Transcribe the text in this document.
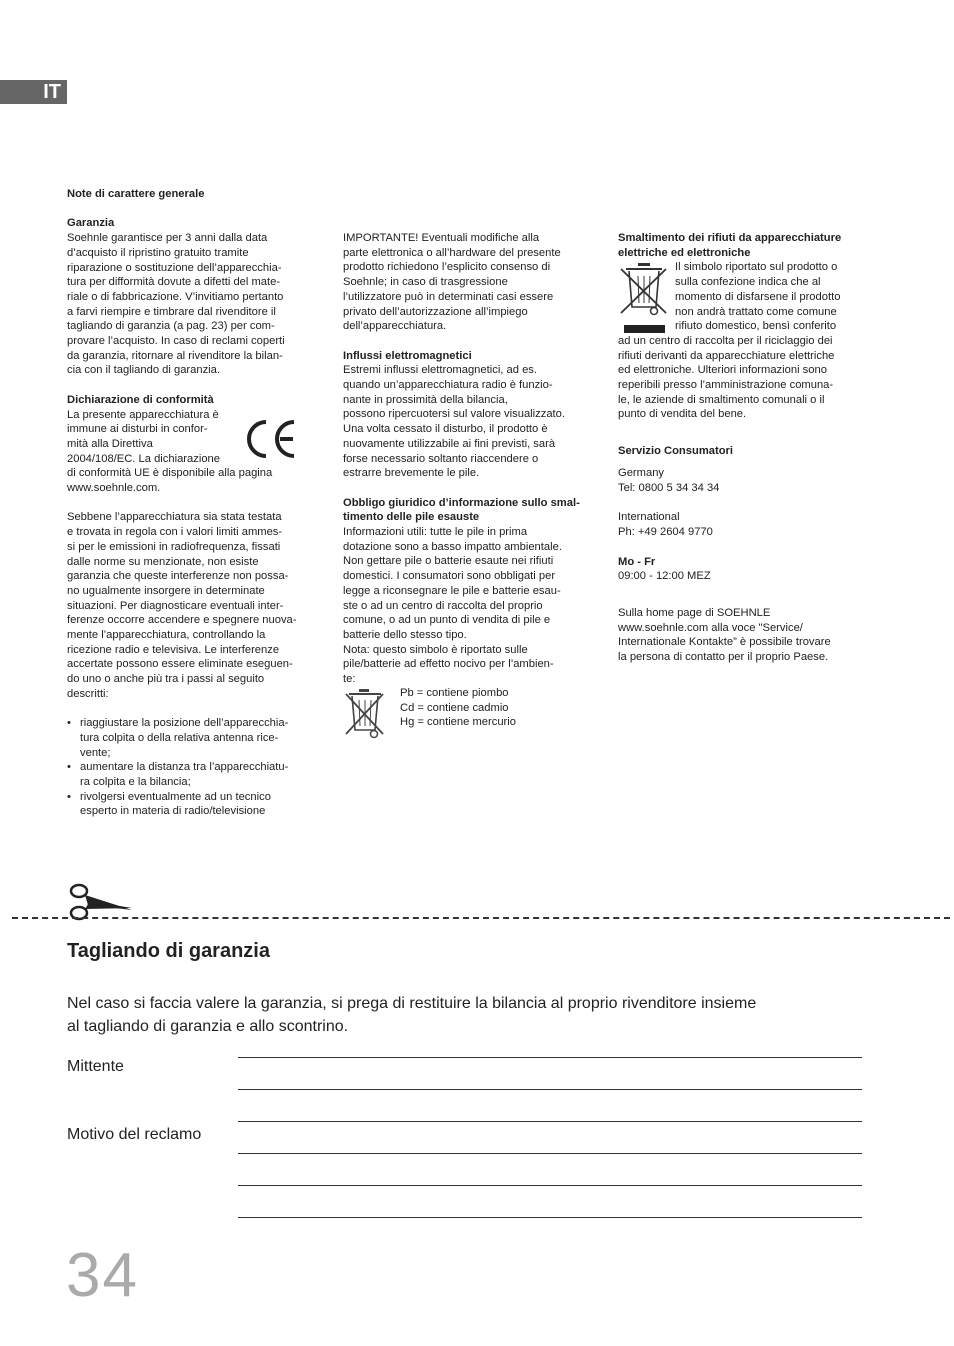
IT

Note di carattere generale

Garanzia

Soehnle garantisce per 3 anni dalla data

d’acquisto il ripristino gratuito tramite

riparazione o sostituzione dell’apparecchia-

tura per difformità dovute a difetti del mate-

riale o di fabbricazione. V’invitiamo pertanto

a farvi riempire e timbrare dal rivenditore il

tagliando di garanzia (a pag. 23) per com-

provare l’acquisto. In caso di reclami coperti

da garanzia, ritornare al rivenditore la bilan-

cia con il tagliando di garanzia.

Dichiarazione di conformità

La presente apparecchiatura è

immune ai disturbi in confor-

mità alla Direttiva

2004/108/EC. La dichiarazione

di conformità UE è disponibile alla pagina

www.soehnle.com.

Sebbene l’apparecchiatura sia stata testata

e trovata in regola con i valori limiti ammes-

si per le emissioni in radiofrequenza, fissati

dalle norme su menzionate, non esiste

garanzia che queste interferenze non possa-

no ugualmente insorgere in determinate

situazioni. Per diagnosticare eventuali inter-

ferenze occorre accendere e spegnere nuova-

mente l’apparecchiatura, controllando la

ricezione radio e televisiva. Le interferenze

accertate possono essere eliminate eseguen-

do uno o anche più tra i passi al seguito

descritti:

• riaggiustare la posizione dell’apparecchia-

tura colpita o della relativa antenna rice-

vente;

• aumentare la distanza tra l’apparecchiatu-

ra colpita e la bilancia;

• rivolgersi eventualmente ad un tecnico

esperto in materia di radio/televisione

IMPORTANTE! Eventuali modifiche alla

parte elettronica o all’hardware del presente

prodotto richiedono l’esplicito consenso di

Soehnle; in caso di trasgressione

l’utilizzatore può in determinati casi essere

privato dell’autorizzazione all’impiego

dell’apparecchiatura.

Influssi elettromagnetici

Estremi influssi elettromagnetici, ad es.

quando un’apparecchiatura radio è funzio-

nante in prossimità della bilancia,

possono ripercuotersi sul valore visualizzato.

Una volta cessato il disturbo, il prodotto è

nuovamente utilizzabile ai fini previsti, sarà

forse necessario soltanto riaccendere o

estrarre brevemente le pile.

Obbligo giuridico d’informazione sullo smal-

timento delle pile esauste

Informazioni utili: tutte le pile in prima

dotazione sono a basso impatto ambientale.

Non gettare pile o batterie esaute nei rifiuti

domestici. I consumatori sono obbligati per

legge a riconsegnare le pile e batterie esau-

ste o ad un centro di raccolta del proprio

comune, o ad un punto di vendita di pile e

batterie dello stesso tipo.

Nota: questo simbolo è riportato sulle

pile/batterie ad effetto nocivo per l’ambien-

te:

Pb = contiene piombo

Cd = contiene cadmio

Hg = contiene mercurio

Smaltimento dei rifiuti da apparecchiature

elettriche ed elettroniche

Il simbolo riportato sul prodotto o

sulla confezione indica che al

momento di disfarsene il prodotto

non andrà trattato come comune

rifiuto domestico, bensì conferito

ad un centro di raccolta per il riciclaggio dei

rifiuti derivanti da apparecchiature elettriche

ed elettroniche. Ulteriori informazioni sono

reperibili presso l’amministrazione comuna-

le, le aziende di smaltimento comunali o il

punto di vendita del bene.

Servizio Consumatori

Germany

Tel: 0800 5 34 34 34

International

Ph: +49 2604 9770

Mo - Fr

09:00 - 12:00 MEZ

Sulla home page di SOEHNLE

www.soehnle.com alla voce "Service/

Internationale Kontakte” è possibile trovare

la persona di contatto per il proprio Paese.

Tagliando di garanzia
Nel caso si faccia valere la garanzia, si prega di restituire la bilancia al proprio rivenditore insieme
al tagliando di garanzia e allo scontrino.
Mittente
Motivo del reclamo
34
